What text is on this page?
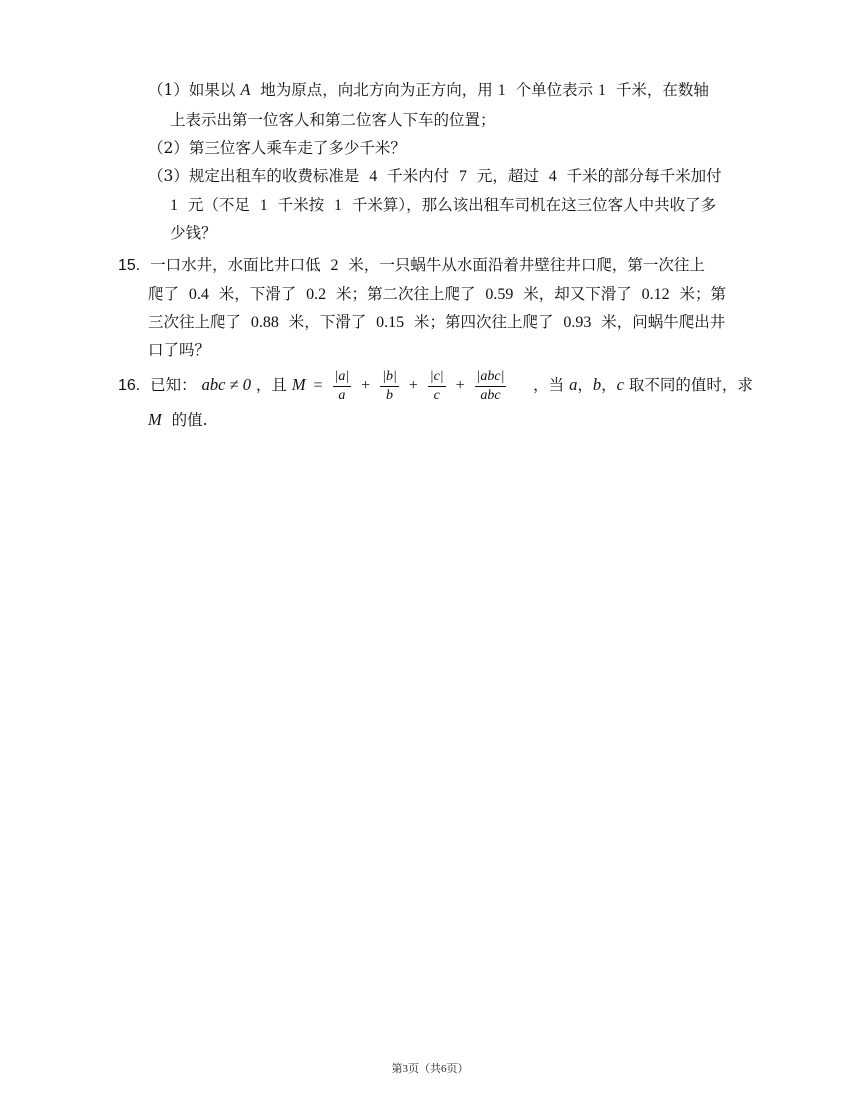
（1）如果以 A 地为原点，向北方向为正方向，用 1 个单位表示 1 千米，在数轴
上表示出第一位客人和第二位客人下车的位置；
（2）第三位客人乘车走了多少千米？
（3）规定出租车的收费标准是 4 千米内付 7 元，超过 4 千米的部分每千米加付
1 元（不足 1 千米按 1 千米算），那么该出租车司机在这三位客人中共收了多
少钱？
15. 一口水井，水面比井口低 2 米，一只蜗牛从水面沿着井壁往井口爬，第一次往上
爬了 0.4 米，下滑了 0.2 米；第二次往上爬了 0.59 米，却又下滑了 0.12 米；第
三次往上爬了 0.88 米，下滑了 0.15 米；第四次往上爬了 0.93 米，问蜗牛爬出井
口了吗？
16. 已知： abc ≠ 0 ，且 $M = \frac{|a|}{a} + \frac{|b|}{b} + \frac{|c|}{c} + \frac{\text{|abc|}}{\text{abc}}$ ，当 a，b，c 取不同的值时，求
M 的值.
第3页（共6页）
